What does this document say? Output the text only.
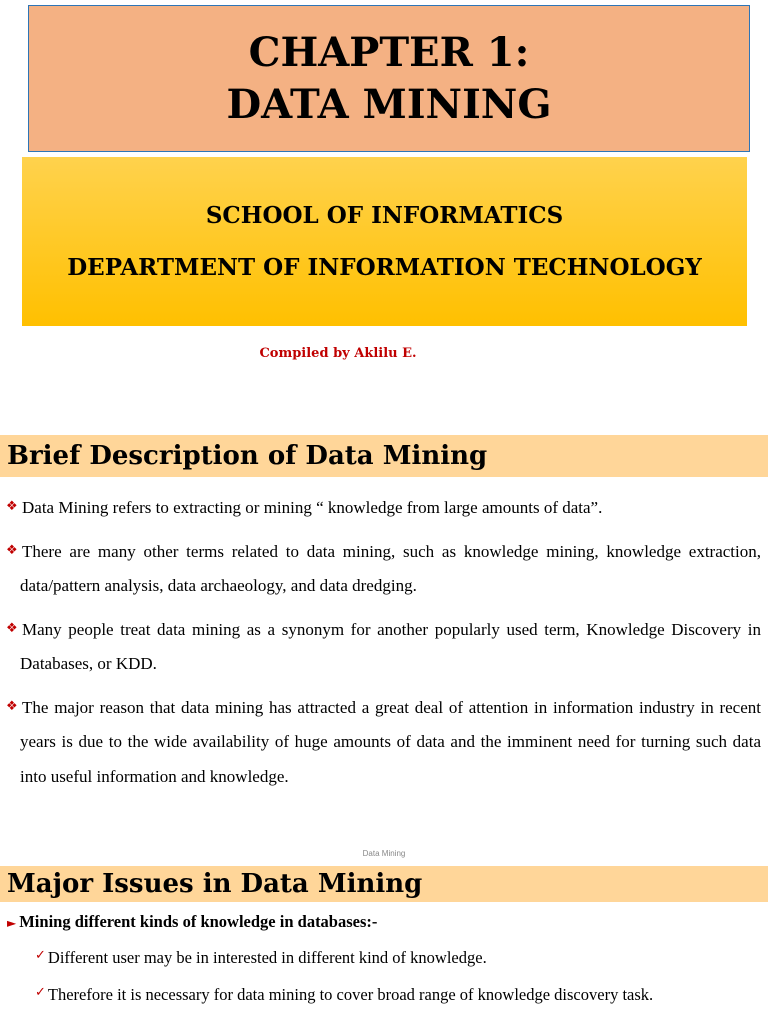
CHAPTER 1:
DATA MINING
SCHOOL OF INFORMATICS
DEPARTMENT OF INFORMATION TECHNOLOGY
Compiled by Aklilu E.
Brief Description of Data Mining
❖ Data Mining refers to extracting or mining “ knowledge from large amounts of data”.
❖ There are many other terms related to data mining, such as knowledge mining, knowledge extraction, data/pattern analysis, data archaeology, and data dredging.
❖ Many people treat data mining as a synonym for another popularly used term, Knowledge Discovery in Databases, or KDD.
❖ The major reason that data mining has attracted a great deal of attention in information industry in recent years is due to the wide availability of huge amounts of data and the imminent need for turning such data into useful information and knowledge.
Data Mining
Major Issues in Data Mining
► Mining different kinds of knowledge in databases:-
✓ Different user may be in interested in different kind of knowledge.
✓ Therefore it is necessary for data mining to cover broad range of knowledge discovery task.
